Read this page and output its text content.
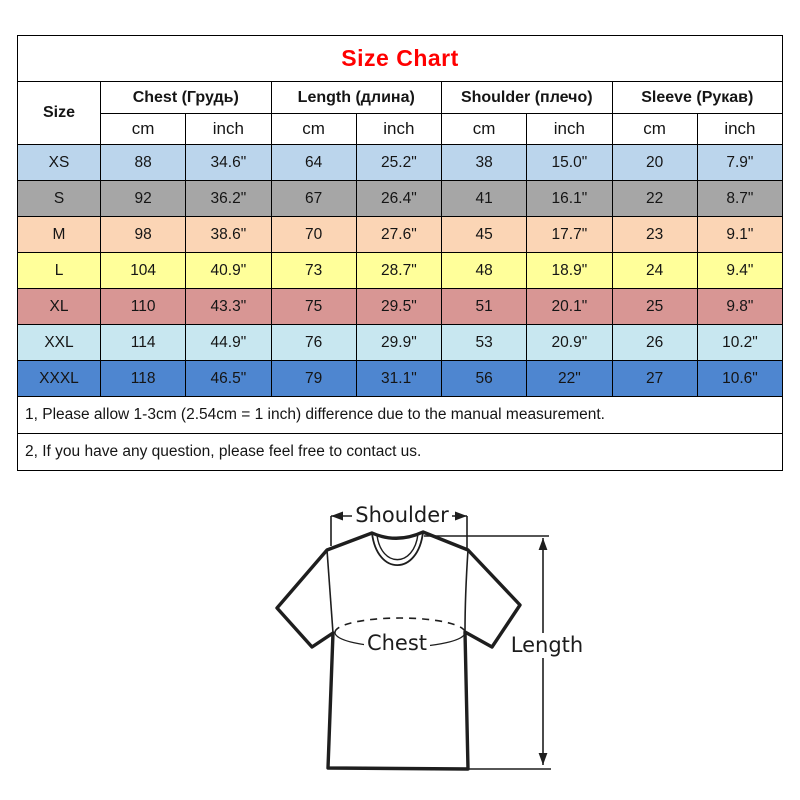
Size Chart								
Size	Chest (Грудь)		Length (длина)		Shoulder (плечо)		Sleeve (Рукав)	
	cm	inch	cm	inch	cm	inch	cm	inch
XS	88	34.6"	64	25.2"	38	15.0"	20	7.9"
S	92	36.2"	67	26.4"	41	16.1"	22	8.7"
M	98	38.6"	70	27.6"	45	17.7"	23	9.1"
L	104	40.9"	73	28.7"	48	18.9"	24	9.4"
XL	110	43.3"	75	29.5"	51	20.1"	25	9.8"
XXL	114	44.9"	76	29.9"	53	20.9"	26	10.2"
XXXL	118	46.5"	79	31.1"	56	22"	27	10.6"
1, Please allow 1-3cm (2.54cm = 1 inch) difference due to the manual measurement.								
2, If you have any question, please feel free to contact us.								
Shoulder
Chest	Length
